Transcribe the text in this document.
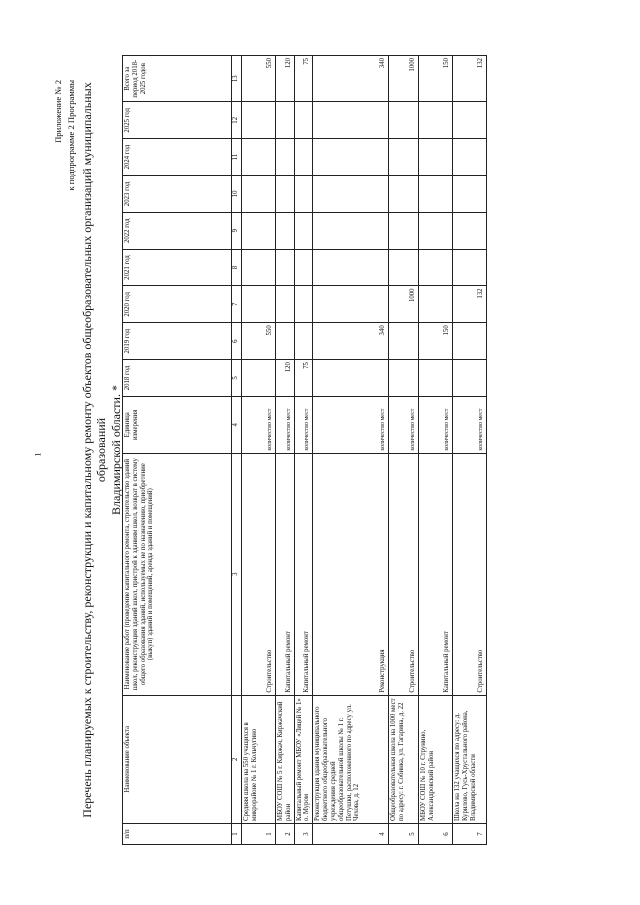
1
Приложение № 2 к подпрограмме 2 Программы Перечень планируемых к строительству, реконструкции и капитальному ремонту объектов общеобразовательных организаций муниципальных образований Владимирской области. *
п/п	Наименование объекта	Наименование работ (проведение капитального ремонта, строительство зданий школ, реконструкция зданий школ, пристрой к зданиям школ, возврат в систему общего образования зданий, используемых не по назначению, приобретение (выкуп) зданий и помещений, аренда зданий и помещений)	Единица измерения	2018 год	2019 год	2020 год	2021 год	2022 год	2023 год	2024 год	2025 год	Всего за период 2018-2025 годов
1	2	3	4	5	6	7	8	9	10	11	12	13
1	Средняя школа на 550 учащихся в микрорайоне № 1 г. Кольчугино	Строительство	количество мест		550							550
2	МБОУ СОШ № 5 г. Киржач, Киржачский район	Капитальный ремонт	количество мест	120								120
3	Капитальный ремонт МБОУ «Лицей № 1» о. Муром	Капитальный ремонт	количество мест	75								75
4	Реконструкция здания муниципального бюджетного общеобразовательного учреждения средней общеобразовательной школы № 1 г. Петушки, расположенного по адресу ул. Чехова, д. 12	Реконструкция	количество мест		340							340
5	Общеобразовательная школа на 1000 мест по адресу: г. Собинка, ул. Гагарина, д. 22	Строительство	количество мест			1000						1000
6	МБОУ СОШ № 10 г. Струнино, Александровский район	Капитальный ремонт	количество мест		150							150
7	Школа на 132 учащихся по адресу: д. Курилово, Гусь-Хрустального района, Владимирской области	Строительство	количество мест			132						132
